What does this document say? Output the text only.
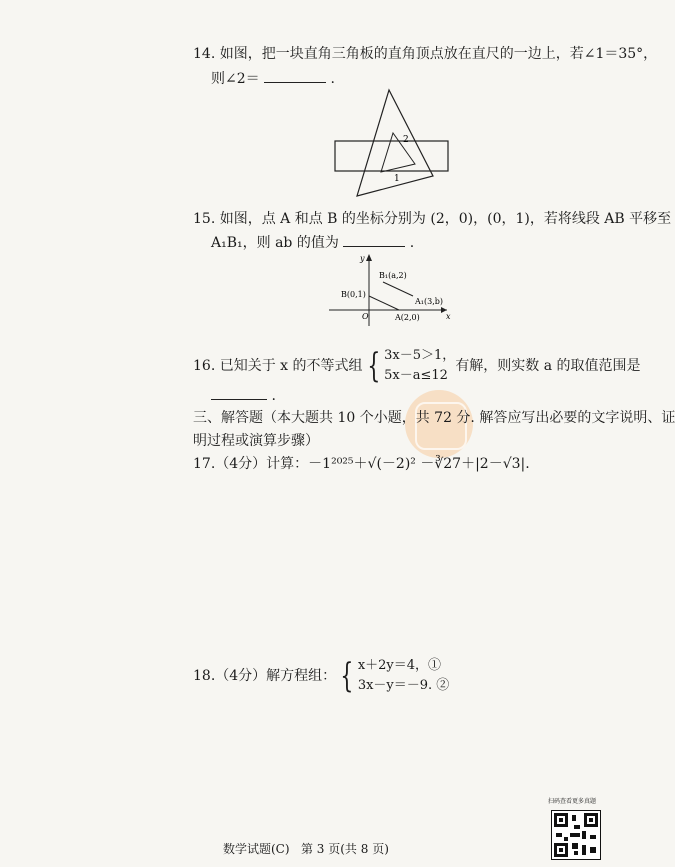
14. 如图，把一块直角三角板的直角顶点放在直尺的一边上，若∠1＝35°，
则∠2＝	.
2
1
15. 如图，点 A 和点 B 的坐标分别为 (2，0)，(0，1)，若将线段 AB 平移至
A₁B₁，则 ab 的值为	.
y
x
O
B(0,1)
A(2,0)
B₁(a,2)
A₁(3,b)
16. 已知关于 x 的不等式组 { 3x－5＞1，
5x－a≤12
有解，则实数 a 的取值范围是
.
三、解答题（本大题共 10 个小题，共 72 分. 解答应写出必要的文字说明、证
明过程或演算步骤）
17.（4分）计算：－1²⁰²⁵＋√(－2)² －∛27＋|2－√3|.
18.（4分）解方程组： { x＋2y＝4，①
3x－y＝－9. ②
扫码查看更多真题
数学试题(C)   第 3 页(共 8 页)
